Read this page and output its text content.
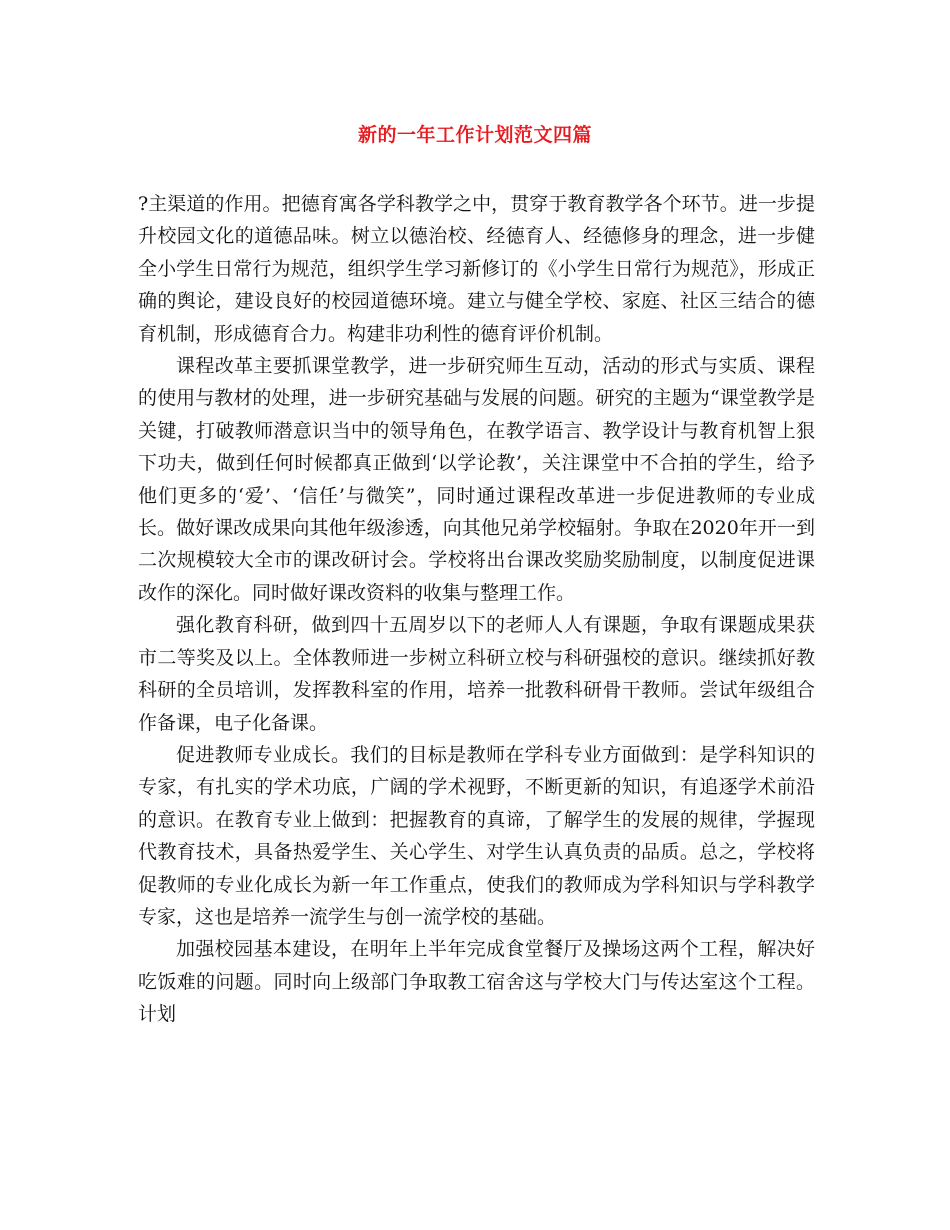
新的一年工作计划范文四篇

?主渠道的作用。把德育寓各学科教学之中，贯穿于教育教学各个环节。进一步提升校园文化的道德品味。树立以德治校、经德育人、经德修身的理念，进一步健全小学生日常行为规范，组织学生学习新修订的《小学生日常行为规范》，形成正确的舆论，建设良好的校园道德环境。建立与健全学校、家庭、社区三结合的德育机制，形成德育合力。构建非功利性的德育评价机制。

课程改革主要抓课堂教学，进一步研究师生互动，活动的形式与实质、课程的使用与教材的处理，进一步研究基础与发展的问题。研究的主题为“课堂教学是关键，打破教师潜意识当中的领导角色，在教学语言、教学设计与教育机智上狠下功夫，做到任何时候都真正做到‘以学论教’，关注课堂中不合拍的学生，给予他们更多的‘爱’、‘信任’与微笑”，同时通过课程改革进一步促进教师的专业成长。做好课改成果向其他年级渗透，向其他兄弟学校辐射。争取在2020年开一到二次规模较大全市的课改研讨会。学校将出台课改奖励奖励制度，以制度促进课改作的深化。同时做好课改资料的收集与整理工作。

强化教育科研，做到四十五周岁以下的老师人人有课题，争取有课题成果获市二等奖及以上。全体教师进一步树立科研立校与科研强校的意识。继续抓好教科研的全员培训，发挥教科室的作用，培养一批教科研骨干教师。尝试年级组合作备课，电子化备课。

促进教师专业成长。我们的目标是教师在学科专业方面做到：是学科知识的专家，有扎实的学术功底，广阔的学术视野，不断更新的知识，有追逐学术前沿的意识。在教育专业上做到：把握教育的真谛，了解学生的发展的规律，学握现代教育技术，具备热爱学生、关心学生、对学生认真负责的品质。总之，学校将促教师的专业化成长为新一年工作重点，使我们的教师成为学科知识与学科教学专家，这也是培养一流学生与创一流学校的基础。

加强校园基本建设，在明年上半年完成食堂餐厅及操场这两个工程，解决好吃饭难的问题。同时向上级部门争取教工宿舍这与学校大门与传达室这个工程。计划
